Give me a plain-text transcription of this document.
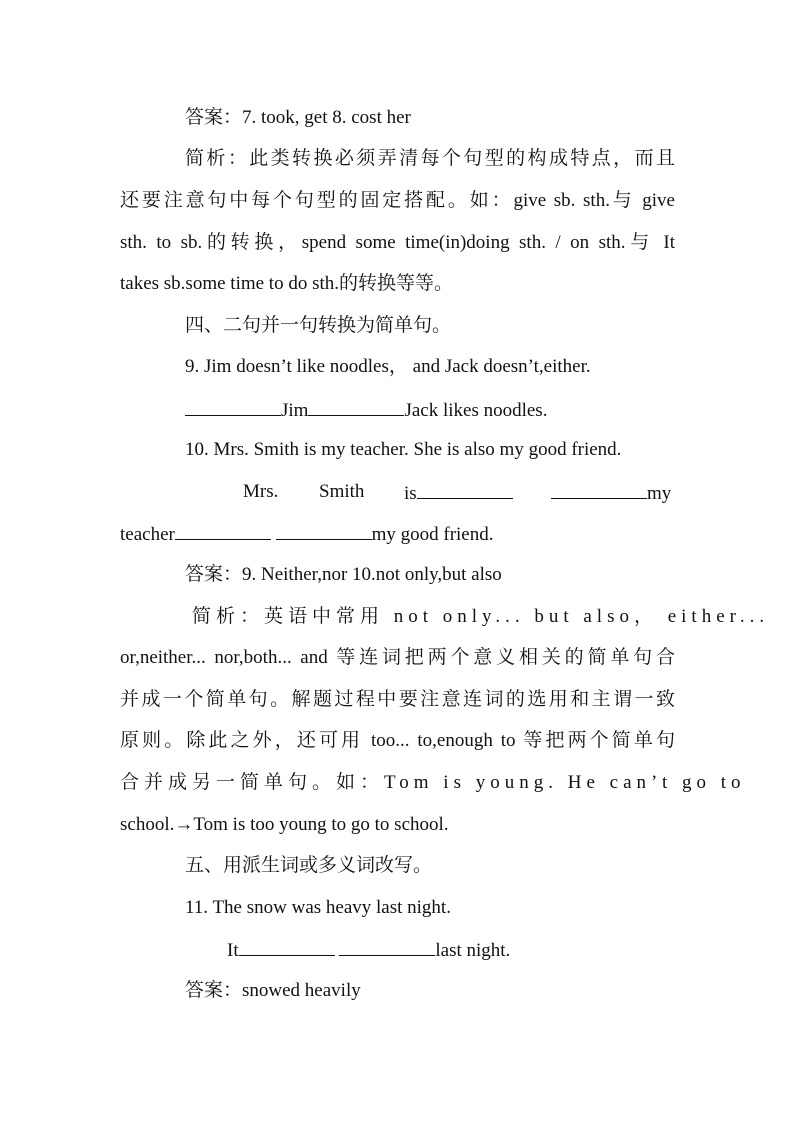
答案：7. took, get 8. cost her
简析：此类转换必须弄清每个句型的构成特点，而且
还要注意句中每个句型的固定搭配。如：give sb. sth.与 give
sth. to sb.的转换，spend some time(in)doing sth. / on sth.与 It
takes sb.some time to do sth.的转换等等。
四、二句并一句转换为简单句。
9. Jim doesn’t like noodles， and Jack doesn’t,either.
Jim	Jack likes noodles.
10. Mrs. Smith is my teacher. She is also my good friend.
Mrs. Smith is	my
teacher	my good friend.
答案：9. Neither,nor 10.not only,but also
简析：英语中常用 not only... but also， either...
or,neither... nor,both... and 等连词把两个意义相关的简单句合
并成一个简单句。解题过程中要注意连词的选用和主谓一致
原则。除此之外，还可用 too... to,enough to 等把两个简单句
合并成另一简单句。如：Tom is young. He can’t go to
school.→Tom is too young to go to school.
五、用派生词或多义词改写。
11. The snow was heavy last night.
It	last night.
答案：snowed heavily
